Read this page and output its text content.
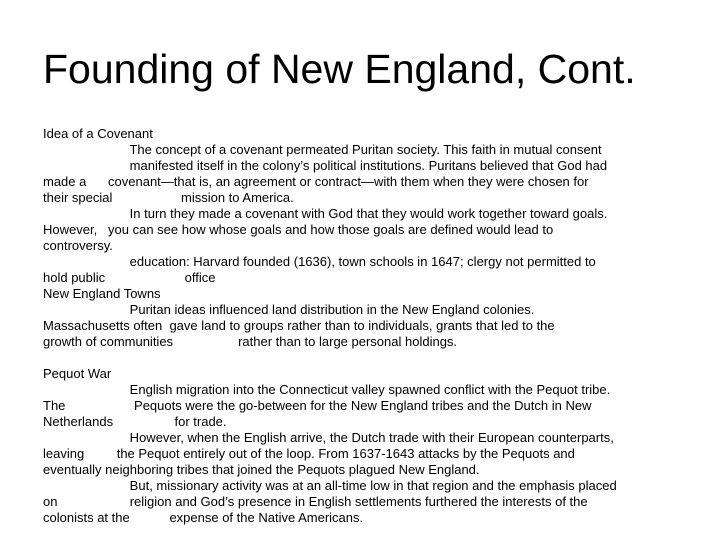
Founding of New England, Cont.
Idea of a Covenant
The concept of a covenant permeated Puritan society. This faith in mutual consent
manifested itself in the colony’s political institutions. Puritans believed that God had
made a      covenant—that is, an agreement or contract—with them when they were chosen for
their special                   mission to America.
In turn they made a covenant with God that they would work together toward goals.
However,   you can see how whose goals and how those goals are defined would lead to
controversy.
education: Harvard founded (1636), town schools in 1647; clergy not permitted to
hold public                      office
New England Towns
Puritan ideas influenced land distribution in the New England colonies.
Massachusetts often  gave land to groups rather than to individuals, grants that led to the
growth of communities                  rather than to large personal holdings.
Pequot War
English migration into the Connecticut valley spawned conflict with the Pequot tribe.
The                   Pequots were the go-between for the New England tribes and the Dutch in New
Netherlands                 for trade.
However, when the English arrive, the Dutch trade with their European counterparts,
leaving         the Pequot entirely out of the loop. From 1637-1643 attacks by the Pequots and
eventually neighboring tribes that joined the Pequots plagued New England.
But, missionary activity was at an all-time low in that region and the emphasis placed
on                    religion and God’s presence in English settlements furthered the interests of the
colonists at the           expense of the Native Americans.
